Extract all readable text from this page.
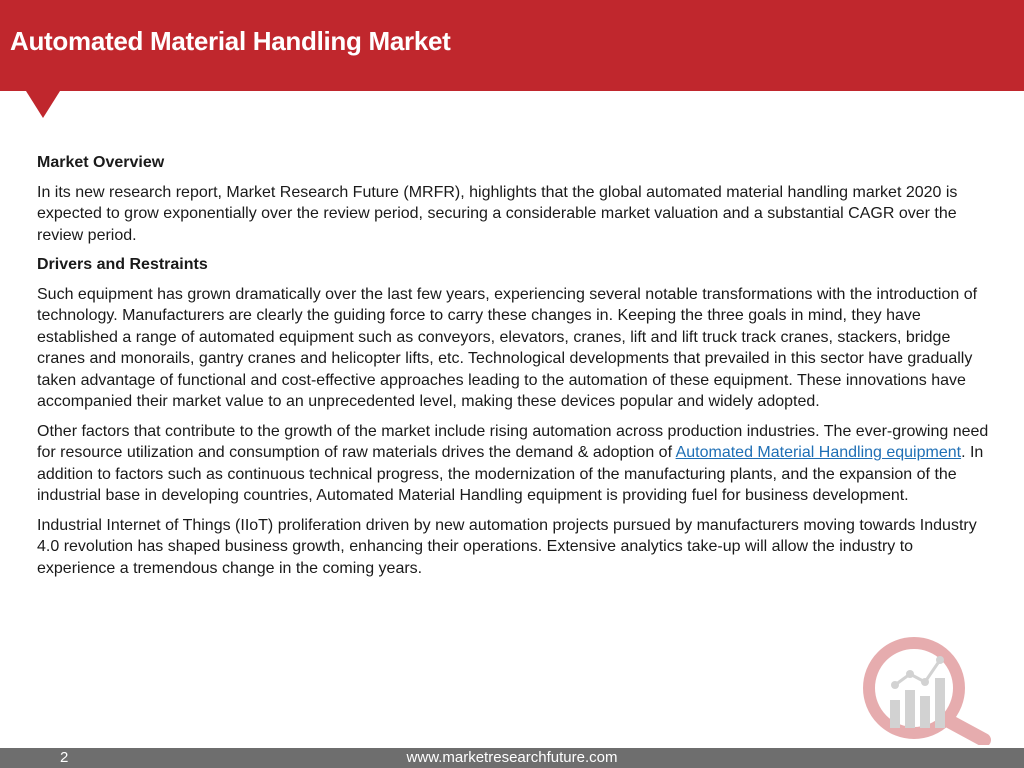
Automated Material Handling Market

Market Overview

In its new research report, Market Research Future (MRFR), highlights that the global automated material handling market 2020 is expected to grow exponentially over the review period, securing a considerable market valuation and a substantial CAGR over the review period.

Drivers and Restraints

Such equipment has grown dramatically over the last few years, experiencing several notable transformations with the introduction of technology. Manufacturers are clearly the guiding force to carry these changes in. Keeping the three goals in mind, they have established a range of automated equipment such as conveyors, elevators, cranes, lift and lift truck track cranes, stackers, bridge cranes and monorails, gantry cranes and helicopter lifts, etc. Technological developments that prevailed in this sector have gradually taken advantage of functional and cost-effective approaches leading to the automation of these equipment. These innovations have accompanied their market value to an unprecedented level, making these devices popular and widely adopted.

Other factors that contribute to the growth of the market include rising automation across production industries. The ever-growing need for resource utilization and consumption of raw materials drives the demand & adoption of Automated Material Handling equipment. In addition to factors such as continuous technical progress, the modernization of the manufacturing plants, and the expansion of the industrial base in developing countries, Automated Material Handling equipment is providing fuel for business development.

Industrial Internet of Things (IIoT) proliferation driven by new automation projects pursued by manufacturers moving towards Industry 4.0 revolution has shaped business growth, enhancing their operations. Extensive analytics take-up will allow the industry to experience a tremendous change in the coming years.

2	www.marketresearchfuture.com
